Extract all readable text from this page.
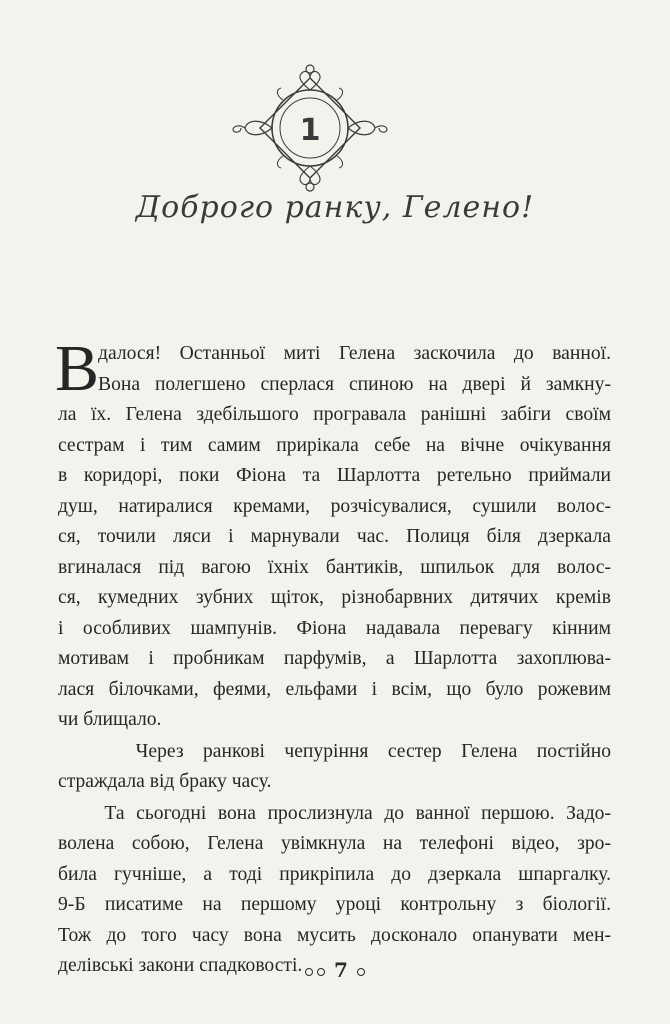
1
Доброго ранку, Гелено!
В
далося! Останньої миті Гелена заскочила до ванної.
Вона полегшено сперлася спиною на двері й замкну-
ла їх. Гелена здебільшого програвала ранішні забіги своїм
сестрам і тим самим прирікала себе на вічне очікування
в коридорі, поки Фіона та Шарлотта ретельно приймали
душ, натиралися кремами, розчісувалися, сушили волос-
ся, точили ляси і марнували час. Полиця біля дзеркала
вгиналася під вагою їхніх бантиків, шпильок для волос-
ся, кумедних зубних щіток, різнобарвних дитячих кремів
і особливих шампунів. Фіона надавала перевагу кінним
мотивам і пробникам парфумів, а Шарлотта захоплюва-
лася білочками, феями, ельфами і всім, що було рожевим
чи блищало.
Через ранкові чепуріння сестер Гелена постійно
страждала від браку часу.
Та сьогодні вона прослизнула до ванної першою. Задо-
волена собою, Гелена увімкнула на телефоні відео, зро-
била гучніше, а тоді прикріпила до дзеркала шпаргалку.
9-Б писатиме на першому уроці контрольну з біології.
Тож до того часу вона мусить досконало опанувати мен-
делівські закони спадковості.	7
